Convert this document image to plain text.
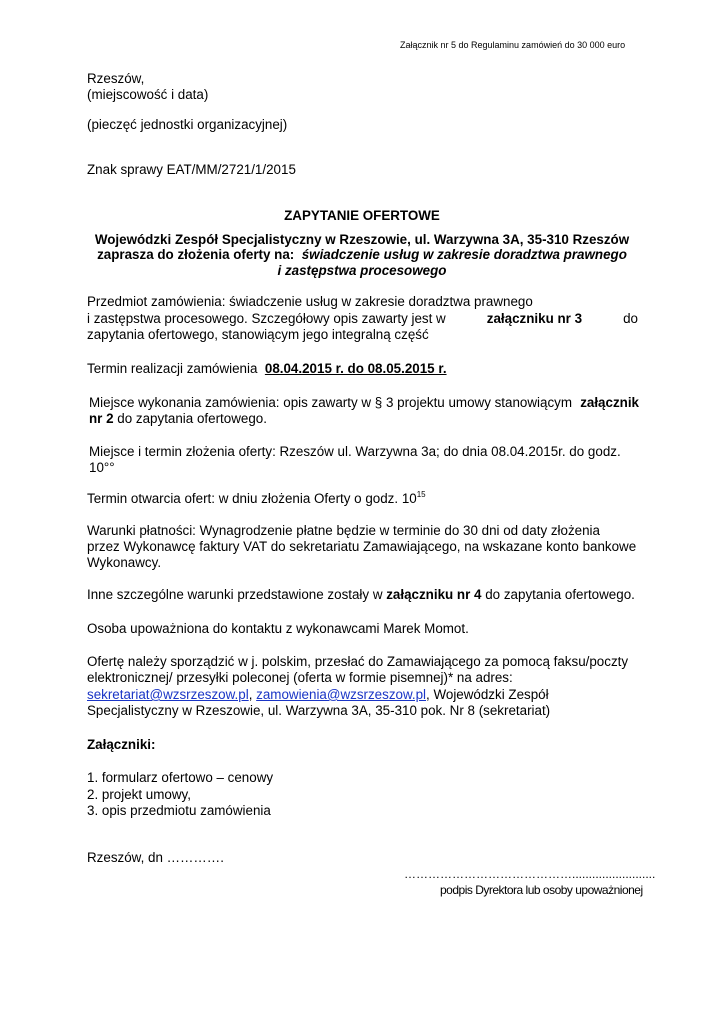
Załącznik nr 5 do Regulaminu zamówień do 30 000 euro
Rzeszów,
(miejscowość i data)
(pieczęć jednostki organizacyjnej)
Znak sprawy EAT/MM/2721/1/2015
ZAPYTANIE OFERTOWE
Wojewódzki Zespół Specjalistyczny w Rzeszowie, ul. Warzywna 3A, 35-310 Rzeszów
zaprasza do złożenia oferty na: świadczenie usług w zakresie doradztwa prawnego
i zastępstwa procesowego
Przedmiot zamówienia: świadczenie usług w zakresie doradztwa prawnego
i zastępstwa procesowego. Szczegółowy opis zawarty jest w	załączniku nr 3	do
zapytania ofertowego, stanowiącym jego integralną część
Termin realizacji zamówienia 08.04.2015 r. do 08.05.2015 r.
Miejsce wykonania zamówienia: opis zawarty w § 3 projektu umowy stanowiącym załącznik
nr 2 do zapytania ofertowego.
Miejsce i termin złożenia oferty: Rzeszów ul. Warzywna 3a; do dnia 08.04.2015r. do godz.
10°°
Termin otwarcia ofert: w dniu złożenia Oferty o godz. $10^{15}$
Warunki płatności: Wynagrodzenie płatne będzie w terminie do 30 dni od daty złożenia
przez Wykonawcę faktury VAT do sekretariatu Zamawiającego, na wskazane konto bankowe
Wykonawcy.
Inne szczególne warunki przedstawione zostały w załączniku nr 4 do zapytania ofertowego.
Osoba upoważniona do kontaktu z wykonawcami Marek Momot.
Ofertę należy sporządzić w j. polskim, przesłać do Zamawiającego za pomocą faksu/poczty
elektronicznej/ przesyłki poleconej (oferta w formie pisemnej)* na adres:
sekretariat@wzsrzeszow.pl, zamowienia@wzsrzeszow.pl, Wojewódzki Zespół
Specjalistyczny w Rzeszowie, ul. Warzywna 3A, 35-310 pok. Nr 8 (sekretariat)
Załączniki:
1. formularz ofertowo – cenowy
2. projekt umowy,
3. opis przedmiotu zamówienia
Rzeszów, dn ………….
…………………………………….........................
podpis Dyrektora lub osoby upoważnionej
